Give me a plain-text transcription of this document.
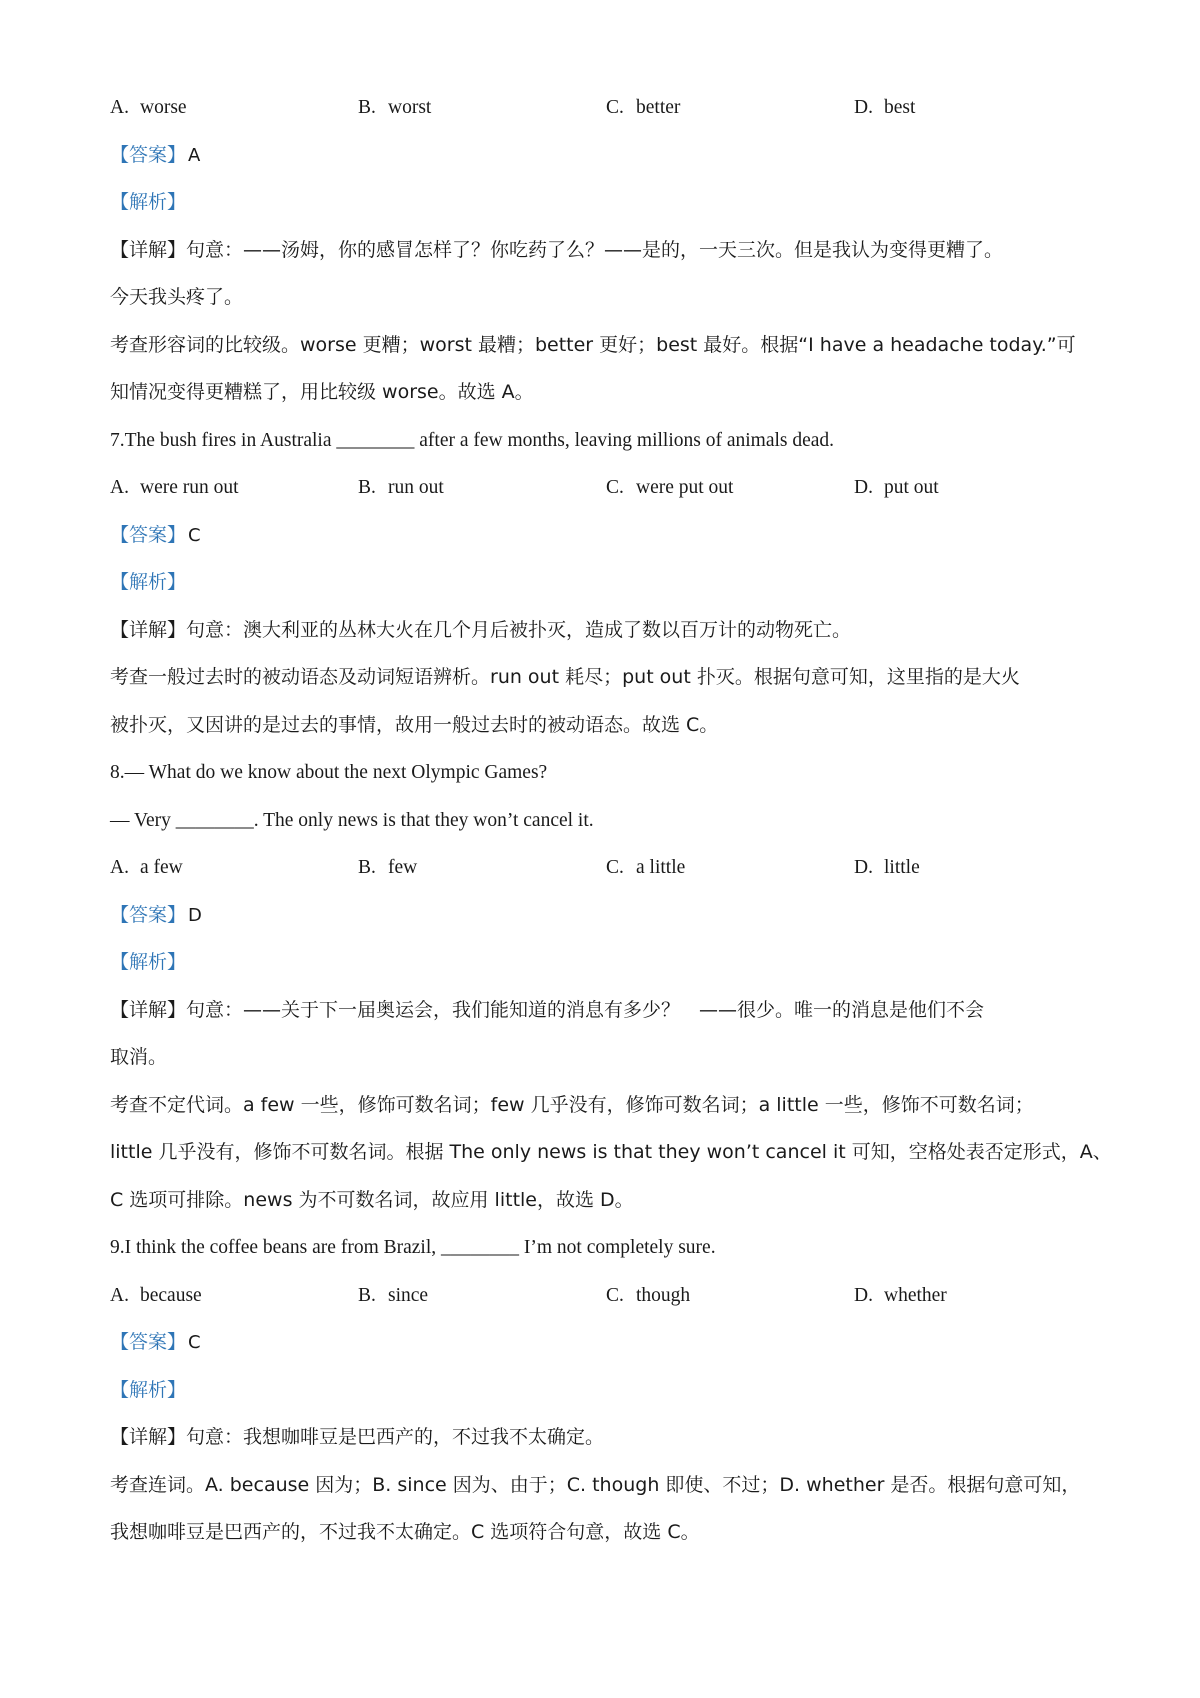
A. worse	B. worst	C. better	D. best
【答案】 A
【解析】
【详解】句意：——汤姆，你的感冒怎样了？你吃药了么？——是的，一天三次。但是我认为变得更糟了。
今天我头疼了。
考查形容词的比较级。worse 更糟；worst 最糟；better 更好；best 最好。根据“I have a headache today.”可
知情况变得更糟糕了，用比较级 worse。故选 A。
7.The bush fires in Australia ________ after a few months, leaving millions of animals dead.
A. were run out	B. run out	C. were put out	D. put out
【答案】 C
【解析】
【详解】句意：澳大利亚的丛林大火在几个月后被扑灭，造成了数以百万计的动物死亡。
考查一般过去时的被动语态及动词短语辨析。run out 耗尽；put out 扑灭。根据句意可知，这里指的是大火
被扑灭，又因讲的是过去的事情，故用一般过去时的被动语态。故选 C。
8.— What do we know about the next Olympic Games?
— Very ________. The only news is that they won’t cancel it.
A. a few	B. few	C. a little	D. little
【答案】 D
【解析】
【详解】句意：——关于下一届奥运会，我们能知道的消息有多少？　——很少。唯一的消息是他们不会
取消。
考查不定代词。a few 一些，修饰可数名词；few 几乎没有，修饰可数名词；a little 一些，修饰不可数名词；
little 几乎没有，修饰不可数名词。根据 The only news is that they won’t cancel it 可知，空格处表否定形式，A、
C 选项可排除。news 为不可数名词，故应用 little，故选 D。
9.I think the coffee beans are from Brazil, ________ I’m not completely sure.
A. because	B. since	C. though	D. whether
【答案】 C
【解析】
【详解】句意：我想咖啡豆是巴西产的，不过我不太确定。
考查连词。A. because 因为；B. since 因为、由于；C. though 即使、不过；D. whether 是否。根据句意可知，
我想咖啡豆是巴西产的，不过我不太确定。C 选项符合句意，故选 C。
